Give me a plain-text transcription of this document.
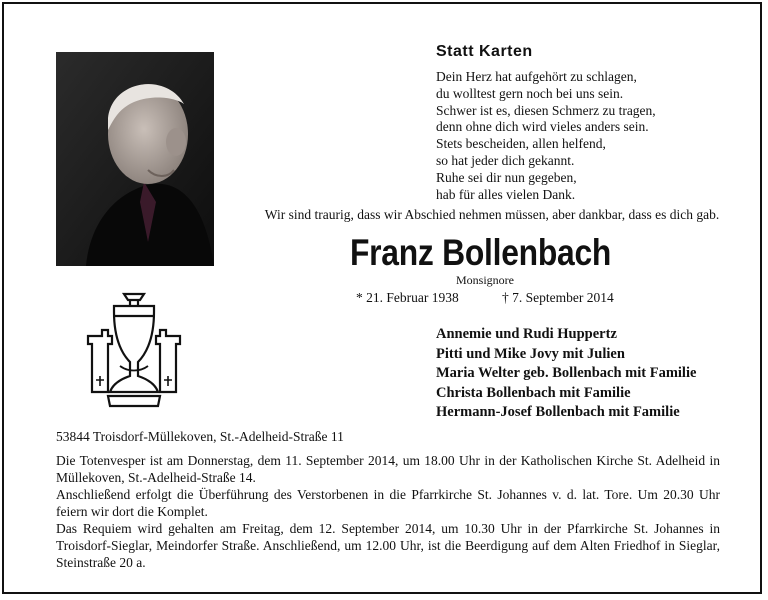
Statt Karten
Dein Herz hat aufgehört zu schlagen,
du wolltest gern noch bei uns sein.
Schwer ist es, diesen Schmerz zu tragen,
denn ohne dich wird vieles anders sein.
Stets bescheiden, allen helfend,
so hat jeder dich gekannt.
Ruhe sei dir nun gegeben,
hab für alles vielen Dank.
Wir sind traurig, dass wir Abschied nehmen müssen, aber dankbar, dass es dich gab.
Franz Bollenbach
Monsignore
* 21. Februar 1938	† 7. September 2014
Annemie und Rudi Huppertz
Pitti und Mike Jovy mit Julien
Maria Welter geb. Bollenbach mit Familie
Christa Bollenbach mit Familie
Hermann-Josef Bollenbach mit Familie
53844 Troisdorf-Müllekoven, St.-Adelheid-Straße 11

Die Totenvesper ist am Donnerstag, dem 11. September 2014, um 18.00 Uhr in der Katholischen Kirche St. Adelheid in Müllekoven, St.-Adelheid-Straße 14.

Anschließend erfolgt die Überführung des Verstorbenen in die Pfarrkirche St. Johannes v. d. lat. Tore. Um 20.30 Uhr feiern wir dort die Komplet.

Das Requiem wird gehalten am Freitag, dem 12. September 2014, um 10.30 Uhr in der Pfarrkirche St. Johannes in Troisdorf-Sieglar, Meindorfer Straße. Anschließend, um 12.00 Uhr, ist die Beerdigung auf dem Alten Friedhof in Sieglar, Steinstraße 20 a.
